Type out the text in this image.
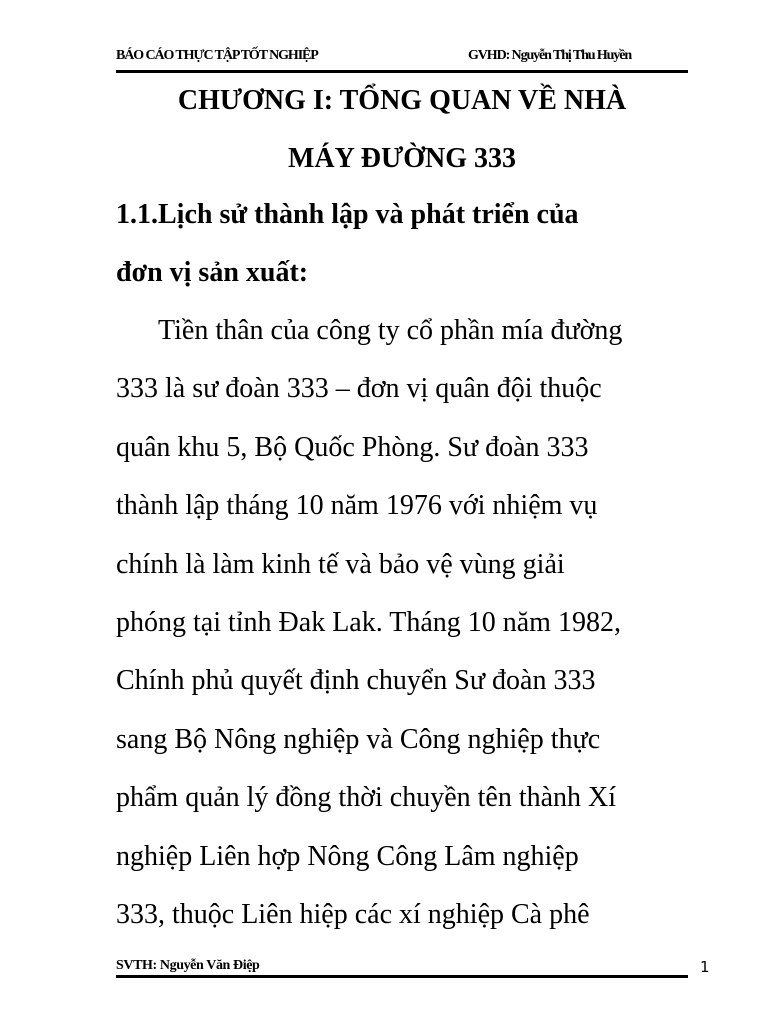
BÁO CÁO THỰC TẬP TỐT NGHIỆP	GVHD: Nguyễn Thị Thu Huyền
CHƯƠNG I: TỔNG QUAN VỀ NHÀ
MÁY ĐƯỜNG 333
1.1.Lịch sử thành lập và phát triển của
đơn vị sản xuất:
Tiền thân của công ty cổ phần mía đường
333 là sư đoàn 333 – đơn vị quân đội thuộc
quân khu 5, Bộ Quốc Phòng. Sư đoàn 333
thành lập tháng 10 năm 1976 với nhiệm vụ
chính là làm kinh tế và bảo vệ vùng giải
phóng tại tỉnh Đak Lak. Tháng 10 năm 1982,
Chính phủ quyết định chuyển Sư đoàn 333
sang Bộ Nông nghiệp và Công nghiệp thực
phẩm quản lý đồng thời chuyền tên thành Xí
nghiệp Liên hợp Nông Công Lâm nghiệp
333, thuộc Liên hiệp các xí nghiệp Cà phê
SVTH: Nguyễn Văn Điệp	1
